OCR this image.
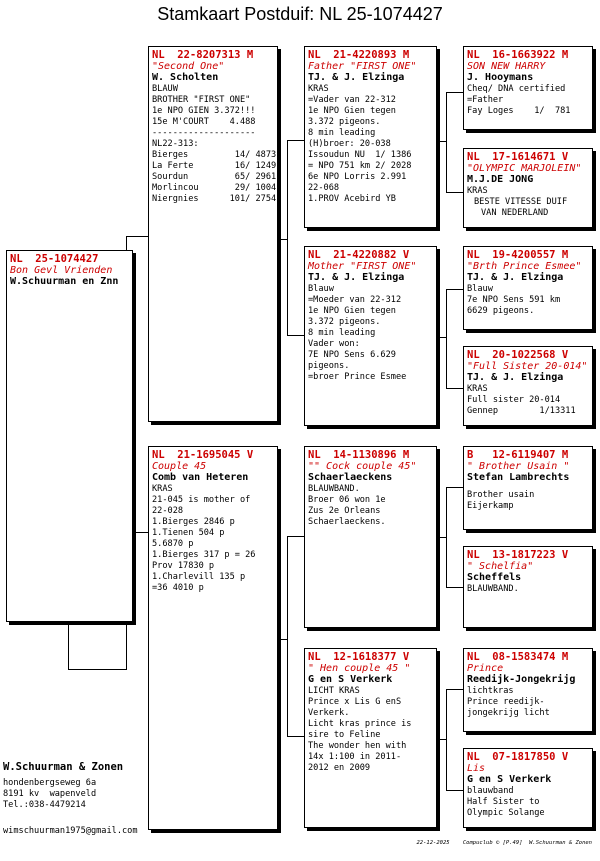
Stamkaart Postduif: NL 25-1074427
NL  25-1074427
Bon Gevl Vrienden
W.Schuurman en Znn
NL  22-8207313 M
"Second One"
W. Scholten
BLAUW
BROTHER "FIRST ONE"
1e NPO GIEN 3.372!!!
15e M'COURT    4.488
--------------------
NL22-313:
Bierges         14/ 4873
La Ferte        16/ 1249
Sourdun         65/ 2961
Morlincou       29/ 1004
Niergnies      101/ 2754
NL  21-1695045 V
Couple 45
Comb van Heteren
KRAS
21-045 is mother of
22-028
1.Bierges 2846 p
1.Tienen 504 p
5.6870 p
1.Bierges 317 p = 26
Prov 17830 p
1.Charlevill 135 p
=36 4010 p
NL  21-4220893 M
Father "FIRST ONE"
TJ. & J. Elzinga
KRAS
=Vader van 22-312
1e NPO Gien tegen
3.372 pigeons.
8 min leading
(H)broer: 20-038
Issoudun NU  1/ 1386
= NPO 751 km 2/ 2028
6e NPO Lorris 2.991
22-068
1.PROV Acebird YB
NL  21-4220882 V
Mother "FIRST ONE"
TJ. & J. Elzinga
Blauw
=Moeder van 22-312
1e NPO Gien tegen
3.372 pigeons.
8 min leading
Vader won:
7E NPO Sens 6.629
pigeons.
=broer Prince Esmee
NL  14-1130896 M
"" Cock couple 45"
Schaerlaeckens
BLAUWBAND.
Broer 06 won 1e
Zus 2e Orleans
Schaerlaeckens.
NL  12-1618377 V
" Hen couple 45 "
G en S Verkerk
LICHT KRAS
Prince x Lis G enS
Verkerk.
Licht kras prince is
sire to Feline
The wonder hen with
14x 1:100 in 2011-
2012 en 2009
NL  16-1663922 M
SON NEW HARRY
J. Hooymans
Cheq/ DNA certified
=Father
Fay Loges    1/  781
NL  17-1614671 V
"OLYMPIC MARJOLEIN"
M.J.DE JONG
KRAS
BESTE VITESSE DUIF
VAN NEDERLAND
NL  19-4200557 M
"Brth Prince Esmee"
TJ. & J. Elzinga
Blauw
7e NPO Sens 591 km
6629 pigeons.
NL  20-1022568 V
"Full Sister 20-014"
TJ. & J. Elzinga
KRAS
Full sister 20-014
Gennep        1/13311
B   12-6119407 M
" Brother Usain "
Stefan Lambrechts
Brother usain
Eijerkamp
NL  13-1817223 V
" Schelfia"
Scheffels
BLAUWBAND.
NL  08-1583474 M
Prince
Reedijk-Jongekrijg
lichtkras
Prince reedijk-
jongekrijg licht
NL  07-1817850 V
Lis
G en S Verkerk
blauwband
Half Sister to
Olympic Solange
W.Schuurman & Zonen
hondenbergseweg 6a
8191 kv  wapenveld
Tel.:038-4479214
wimschuurman1975@gmail.com
22-12-2025    Compuclub © [P.49]  W.Schuurman & Zonen
